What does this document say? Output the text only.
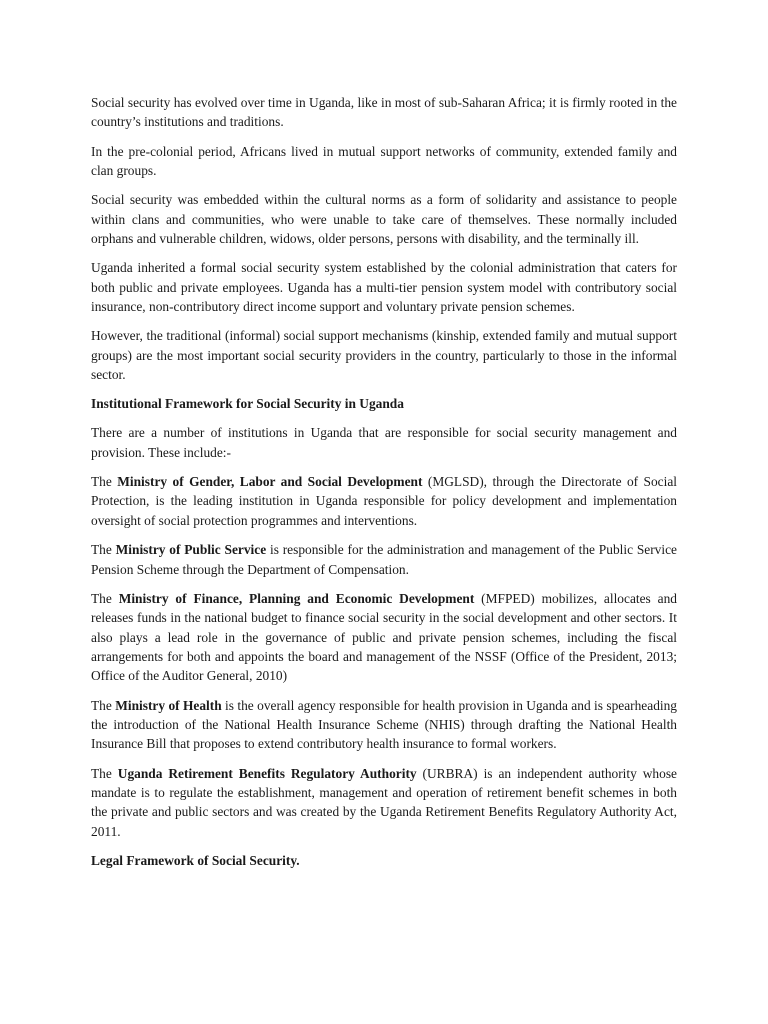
Social security has evolved over time in Uganda, like in most of sub-Saharan Africa; it is firmly rooted in the country’s institutions and traditions.

In the pre-colonial period, Africans lived in mutual support networks of community, extended family and clan groups.

Social security was embedded within the cultural norms as a form of solidarity and assistance to people within clans and communities, who were unable to take care of themselves. These normally included orphans and vulnerable children, widows, older persons, persons with disability, and the terminally ill.

Uganda inherited a formal social security system established by the colonial administration that caters for both public and private employees. Uganda has a multi-tier pension system model with contributory social insurance, non-contributory direct income support and voluntary private pension schemes.

However, the traditional (informal) social support mechanisms (kinship, extended family and mutual support groups) are the most important social security providers in the country, particularly to those in the informal sector.

Institutional Framework for Social Security in Uganda

There are a number of institutions in Uganda that are responsible for social security management and provision. These include:-

The Ministry of Gender, Labor and Social Development (MGLSD), through the Directorate of Social Protection, is the leading institution in Uganda responsible for policy development and implementation oversight of social protection programmes and interventions.

The Ministry of Public Service is responsible for the administration and management of the Public Service Pension Scheme through the Department of Compensation.

The Ministry of Finance, Planning and Economic Development (MFPED) mobilizes, allocates and releases funds in the national budget to finance social security in the social development and other sectors. It also plays a lead role in the governance of public and private pension schemes, including the fiscal arrangements for both and appoints the board and management of the NSSF (Office of the President, 2013; Office of the Auditor General, 2010)

The Ministry of Health is the overall agency responsible for health provision in Uganda and is spearheading the introduction of the National Health Insurance Scheme (NHIS) through drafting the National Health Insurance Bill that proposes to extend contributory health insurance to formal workers.

The Uganda Retirement Benefits Regulatory Authority (URBRA) is an independent authority whose mandate is to regulate the establishment, management and operation of retirement benefit schemes in both the private and public sectors and was created by the Uganda Retirement Benefits Regulatory Authority Act, 2011.

Legal Framework of Social Security.
